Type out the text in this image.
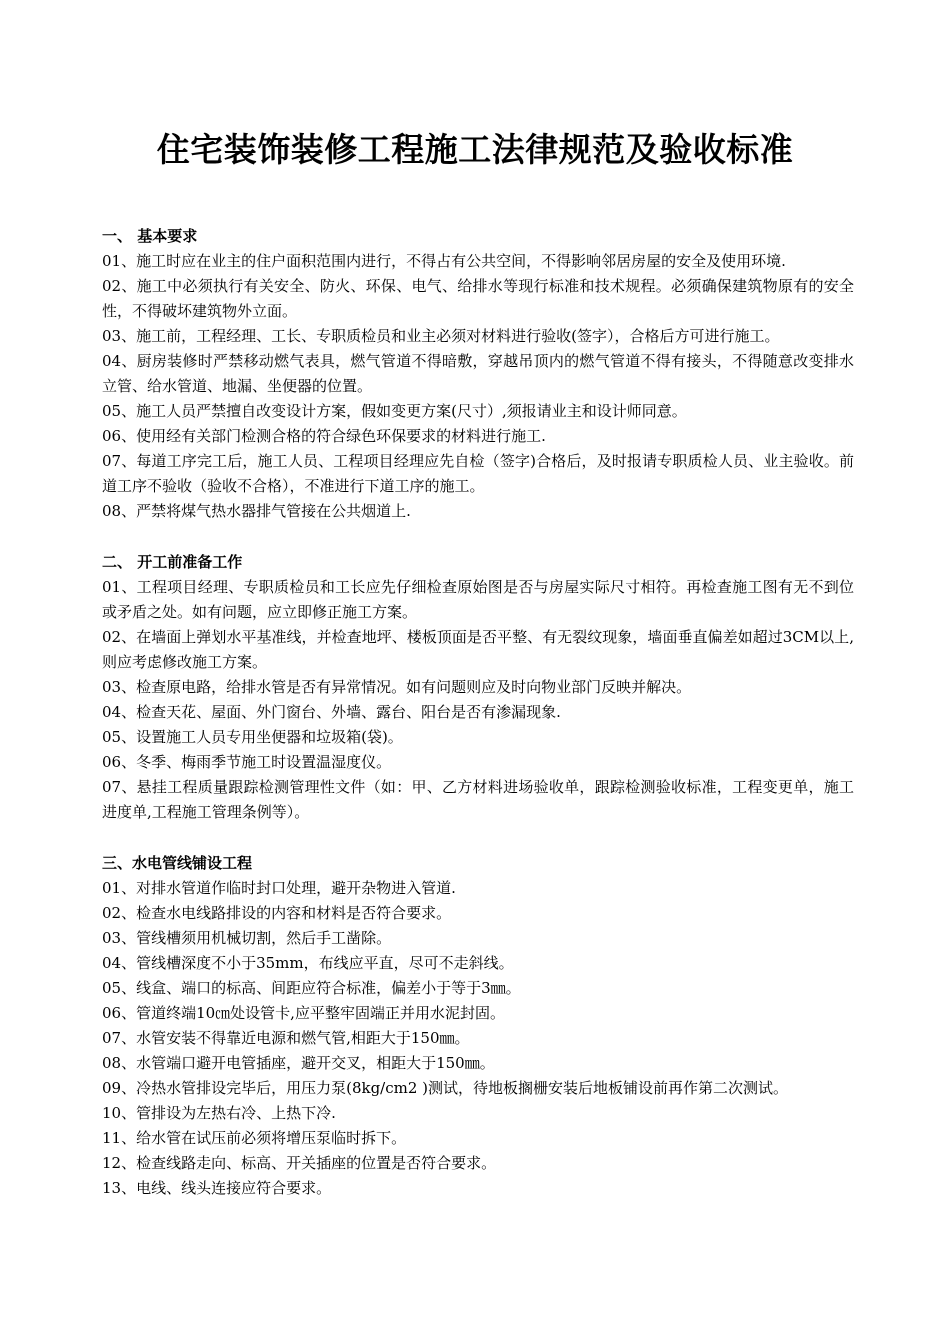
住宅装饰装修工程施工法律规范及验收标准
一、 基本要求

01、施工时应在业主的住户面积范围内进行，不得占有公共空间，不得影响邻居房屋的安全及使用环境.

02、施工中必须执行有关安全、防火、环保、电气、给排水等现行标准和技术规程。必须确保建筑物原有的安全性，不得破坏建筑物外立面。

03、施工前，工程经理、工长、专职质检员和业主必须对材料进行验收(签字），合格后方可进行施工。

04、厨房装修时严禁移动燃气表具，燃气管道不得暗敷，穿越吊顶内的燃气管道不得有接头，不得随意改变排水立管、给水管道、地漏、坐便器的位置。

05、施工人员严禁擅自改变设计方案，假如变更方案(尺寸）,须报请业主和设计师同意。

06、使用经有关部门检测合格的符合绿色环保要求的材料进行施工.

07、每道工序完工后，施工人员、工程项目经理应先自检（签字)合格后，及时报请专职质检人员、业主验收。前道工序不验收（验收不合格），不准进行下道工序的施工。

08、严禁将煤气热水器排气管接在公共烟道上.

二、 开工前准备工作

01、工程项目经理、专职质检员和工长应先仔细检查原始图是否与房屋实际尺寸相符。再检查施工图有无不到位或矛盾之处。如有问题，应立即修正施工方案。

02、在墙面上弹划水平基准线，并检查地坪、楼板顶面是否平整、有无裂纹现象，墙面垂直偏差如超过3CM以上,则应考虑修改施工方案。

03、检查原电路，给排水管是否有异常情况。如有问题则应及时向物业部门反映并解决。

04、检查天花、屋面、外门窗台、外墙、露台、阳台是否有渗漏现象.

05、设置施工人员专用坐便器和垃圾箱(袋)。

06、冬季、梅雨季节施工时设置温湿度仪。

07、悬挂工程质量跟踪检测管理性文件（如：甲、乙方材料进场验收单，跟踪检测验收标准，工程变更单，施工进度单,工程施工管理条例等）。

三、水电管线铺设工程

01、对排水管道作临时封口处理，避开杂物进入管道.

02、检查水电线路排设的内容和材料是否符合要求。

03、管线槽须用机械切割，然后手工凿除。

04、管线槽深度不小于35mm，布线应平直，尽可不走斜线。

05、线盒、端口的标高、间距应符合标准，偏差小于等于3㎜。

06、管道终端10㎝处设管卡,应平整牢固端正并用水泥封固。

07、水管安装不得靠近电源和燃气管,相距大于150㎜。

08、水管端口避开电管插座，避开交叉，相距大于150㎜。

09、冷热水管排设完毕后，用压力泵(8kg/cm2 )测试，待地板搁栅安装后地板铺设前再作第二次测试。

10、管排设为左热右冷、上热下冷.

11、给水管在试压前必须将增压泵临时拆下。

12、检查线路走向、标高、开关插座的位置是否符合要求。

13、电线、线头连接应符合要求。
